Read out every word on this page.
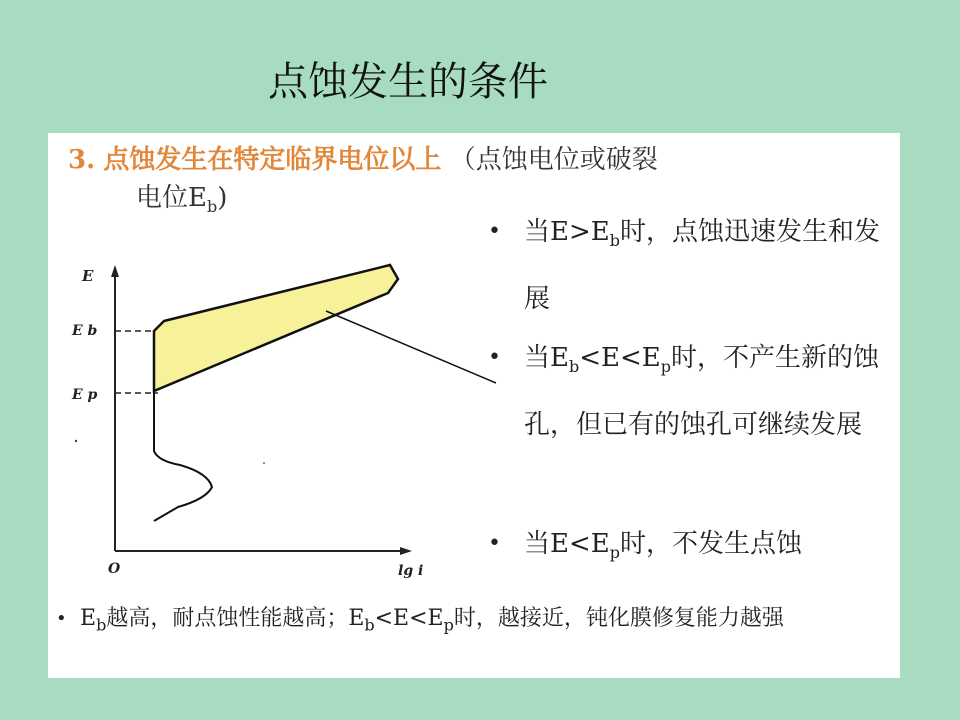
点蚀发生的条件
3. 点蚀发生在特定临界电位以上 （点蚀电位或破裂
电位$E_b$)
E
E b
E p
O	lg i
• 当$E>E_b$时，点蚀迅速发生和发展
• 当$E_b<E<E_p$时，不产生新的蚀孔，但已有的蚀孔可继续发展
• 当$E<E_p$时，不发生点蚀
• $E_b$越高，耐点蚀性能越高；$E_b<E<E_p$时，越接近，钝化膜修复能力越强
